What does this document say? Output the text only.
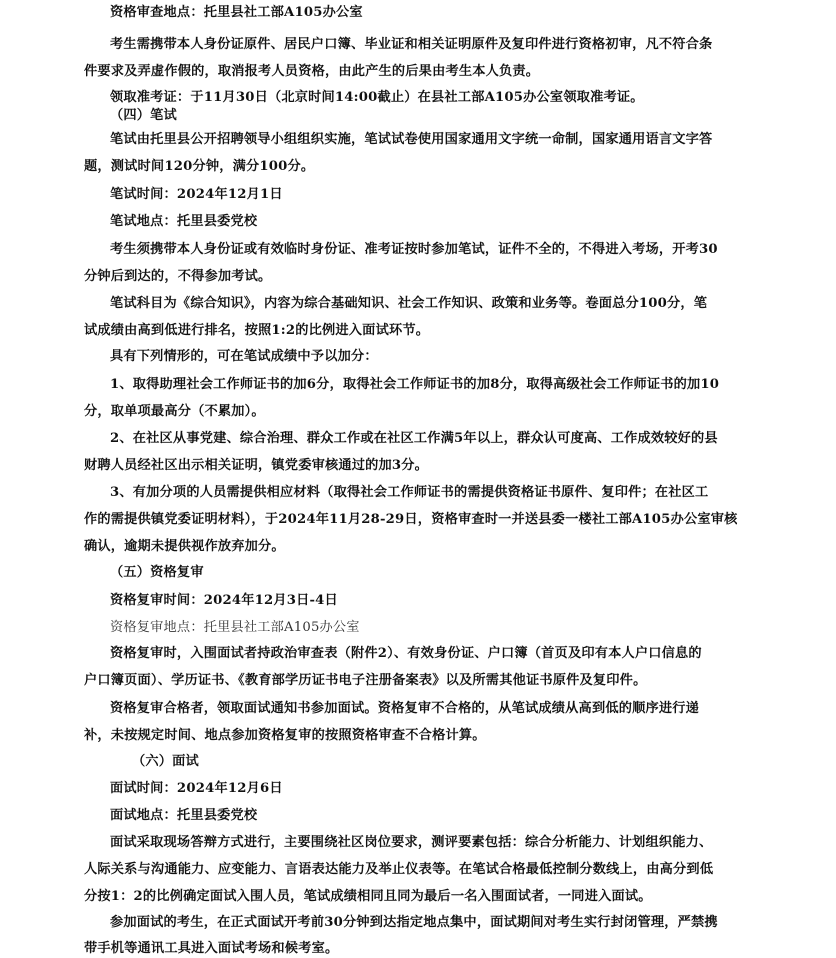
资格审查地点：托里县社工部A105办公室
考生需携带本人身份证原件、居民户口簿、毕业证和相关证明原件及复印件进行资格初审，凡不符合条
件要求及弄虚作假的，取消报考人员资格，由此产生的后果由考生本人负责。
领取准考证：于11月30日（北京时间14:00截止）在县社工部A105办公室领取准考证。
（四）笔试
笔试由托里县公开招聘领导小组组织实施，笔试试卷使用国家通用文字统一命制，国家通用语言文字答
题，测试时间120分钟，满分100分。
笔试时间：2024年12月1日
笔试地点：托里县委党校
考生须携带本人身份证或有效临时身份证、准考证按时参加笔试，证件不全的，不得进入考场，开考30
分钟后到达的，不得参加考试。
笔试科目为《综合知识》，内容为综合基础知识、社会工作知识、政策和业务等。卷面总分100分，笔
试成绩由高到低进行排名，按照1:2的比例进入面试环节。
具有下列情形的，可在笔试成绩中予以加分：
1、取得助理社会工作师证书的加6分，取得社会工作师证书的加8分，取得高级社会工作师证书的加10
分，取单项最高分（不累加）。
2、在社区从事党建、综合治理、群众工作或在社区工作满5年以上，群众认可度高、工作成效较好的县
财聘人员经社区出示相关证明，镇党委审核通过的加3分。
3、有加分项的人员需提供相应材料（取得社会工作师证书的需提供资格证书原件、复印件；在社区工
作的需提供镇党委证明材料），于2024年11月28-29日，资格审查时一并送县委一楼社工部A105办公室审核
确认，逾期未提供视作放弃加分。
（五）资格复审
资格复审时间：2024年12月3日-4日
资格复审地点：托里县社工部A105办公室
资格复审时，入围面试者持政治审查表（附件2）、有效身份证、户口簿（首页及印有本人户口信息的
户口簿页面）、学历证书、《教育部学历证书电子注册备案表》以及所需其他证书原件及复印件。
资格复审合格者，领取面试通知书参加面试。资格复审不合格的，从笔试成绩从高到低的顺序进行递
补，未按规定时间、地点参加资格复审的按照资格审查不合格计算。
（六）面试
面试时间：2024年12月6日
面试地点：托里县委党校
面试采取现场答辩方式进行，主要围绕社区岗位要求，测评要素包括：综合分析能力、计划组织能力、
人际关系与沟通能力、应变能力、言语表达能力及举止仪表等。在笔试合格最低控制分数线上，由高分到低
分按1：2的比例确定面试入围人员，笔试成绩相同且同为最后一名入围面试者，一同进入面试。
参加面试的考生，在正式面试开考前30分钟到达指定地点集中，面试期间对考生实行封闭管理，严禁携
带手机等通讯工具进入面试考场和候考室。
